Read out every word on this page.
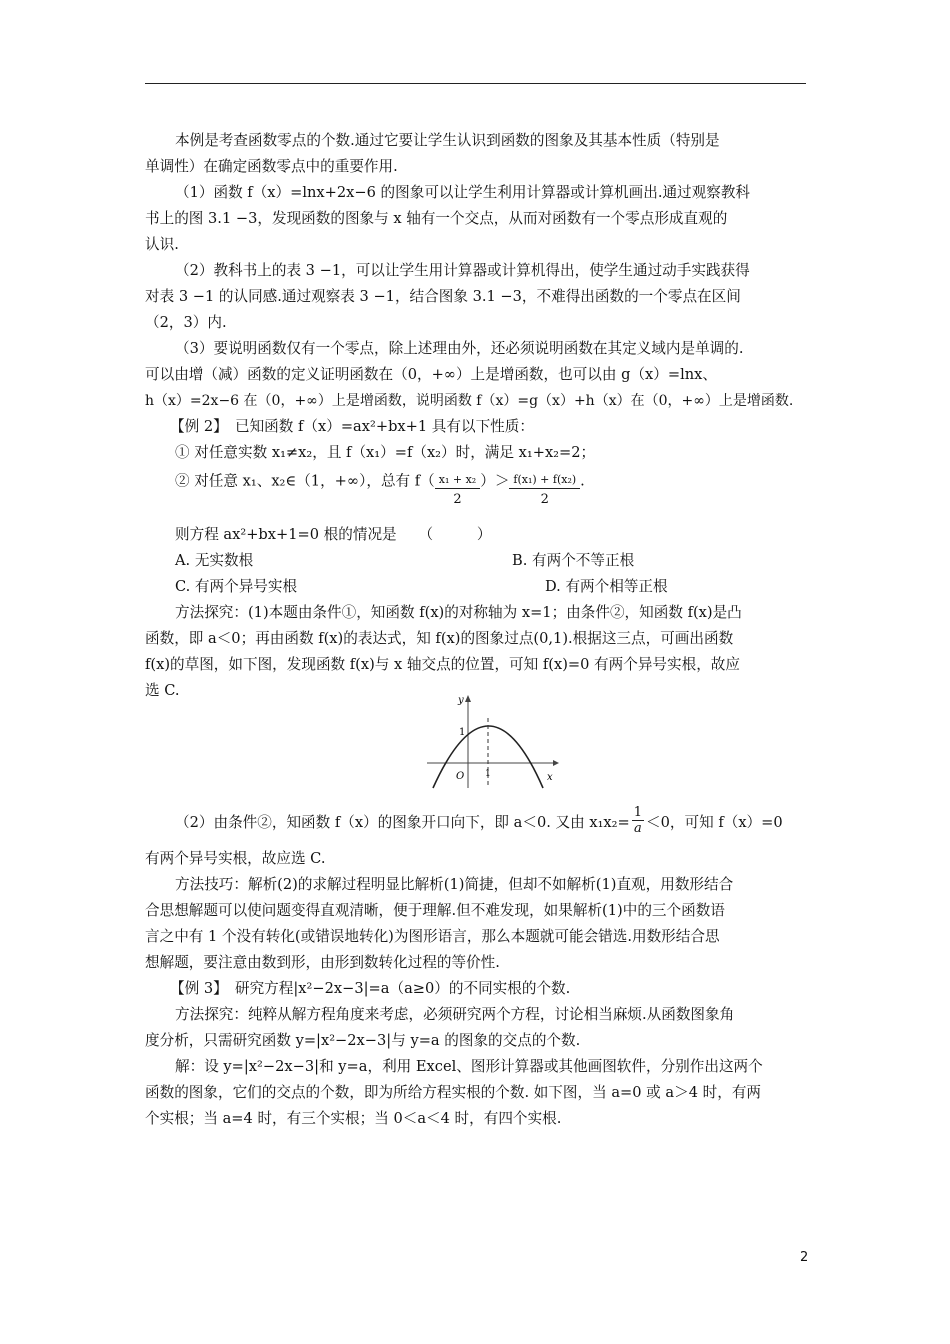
本例是考查函数零点的个数.通过它要让学生认识到函数的图象及其基本性质（特别是
单调性）在确定函数零点中的重要作用.
（1）函数 f（x）=lnx+2x−6 的图象可以让学生利用计算器或计算机画出.通过观察教科
书上的图 3.1 −3，发现函数的图象与 x 轴有一个交点，从而对函数有一个零点形成直观的
认识.
（2）教科书上的表 3 −1，可以让学生用计算器或计算机得出，使学生通过动手实践获得
对表 3 −1 的认同感.通过观察表 3 −1，结合图象 3.1 −3，不难得出函数的一个零点在区间
（2，3）内.
（3）要说明函数仅有一个零点，除上述理由外，还必须说明函数在其定义域内是单调的.
可以由增（减）函数的定义证明函数在（0，+∞）上是增函数，也可以由 g（x）=lnx、
h（x）=2x−6 在（0，+∞）上是增函数，说明函数 f（x）=g（x）+h（x）在（0，+∞）上是增函数.
【例 2】　已知函数 f（x）=ax²+bx+1 具有以下性质：
① 对任意实数 x₁≠x₂，且 f（x₁）=f（x₂）时，满足 x₁+x₂=2；
② 对任意 x₁、x₂∈（1，+∞），总有 $f( \frac{\text{x₁ + x₂}}{2}$ ）＞ $\frac{\text{f(x₁) + f(x₂)}}{2}$ .
则方程 ax²+bx+1=0 根的情况是　　（　　　）
A. 无实数根	B. 有两个不等正根
C. 有两个异号实根	D. 有两个相等正根
方法探究：(1)本题由条件①，知函数 f(x)的对称轴为 x=1；由条件②，知函数 f(x)是凸
函数，即 a＜0；再由函数 f(x)的表达式，知 f(x)的图象过点(0,1).根据这三点，可画出函数
f(x)的草图，如下图，发现函数 f(x)与 x 轴交点的位置，可知 f(x)=0 有两个异号实根，故应
选 C.
y
x
O
1
1
（2）由条件②，知函数 f（x）的图象开口向下，即 a＜0. 又由 $x_1x_2= \frac{1}{a} <0$，可知 f（x）=0
有两个异号实根，故应选 C.
方法技巧：解析(2)的求解过程明显比解析(1)简捷，但却不如解析(1)直观，用数形结合
合思想解题可以使问题变得直观清晰，便于理解.但不难发现，如果解析(1)中的三个函数语
言之中有 1 个没有转化(或错误地转化)为图形语言，那么本题就可能会错选.用数形结合思
想解题，要注意由数到形，由形到数转化过程的等价性.
【例 3】　研究方程|x²−2x−3|=a（a≥0）的不同实根的个数.
方法探究：纯粹从解方程角度来考虑，必须研究两个方程，讨论相当麻烦.从函数图象角
度分析，只需研究函数 y=|x²−2x−3|与 y=a 的图象的交点的个数.
解：设 y=|x²−2x−3|和 y=a，利用 Excel、图形计算器或其他画图软件，分别作出这两个
函数的图象，它们的交点的个数，即为所给方程实根的个数. 如下图，当 a=0 或 a＞4 时，有两
个实根；当 a=4 时，有三个实根；当 0＜a＜4 时，有四个实根.
2
